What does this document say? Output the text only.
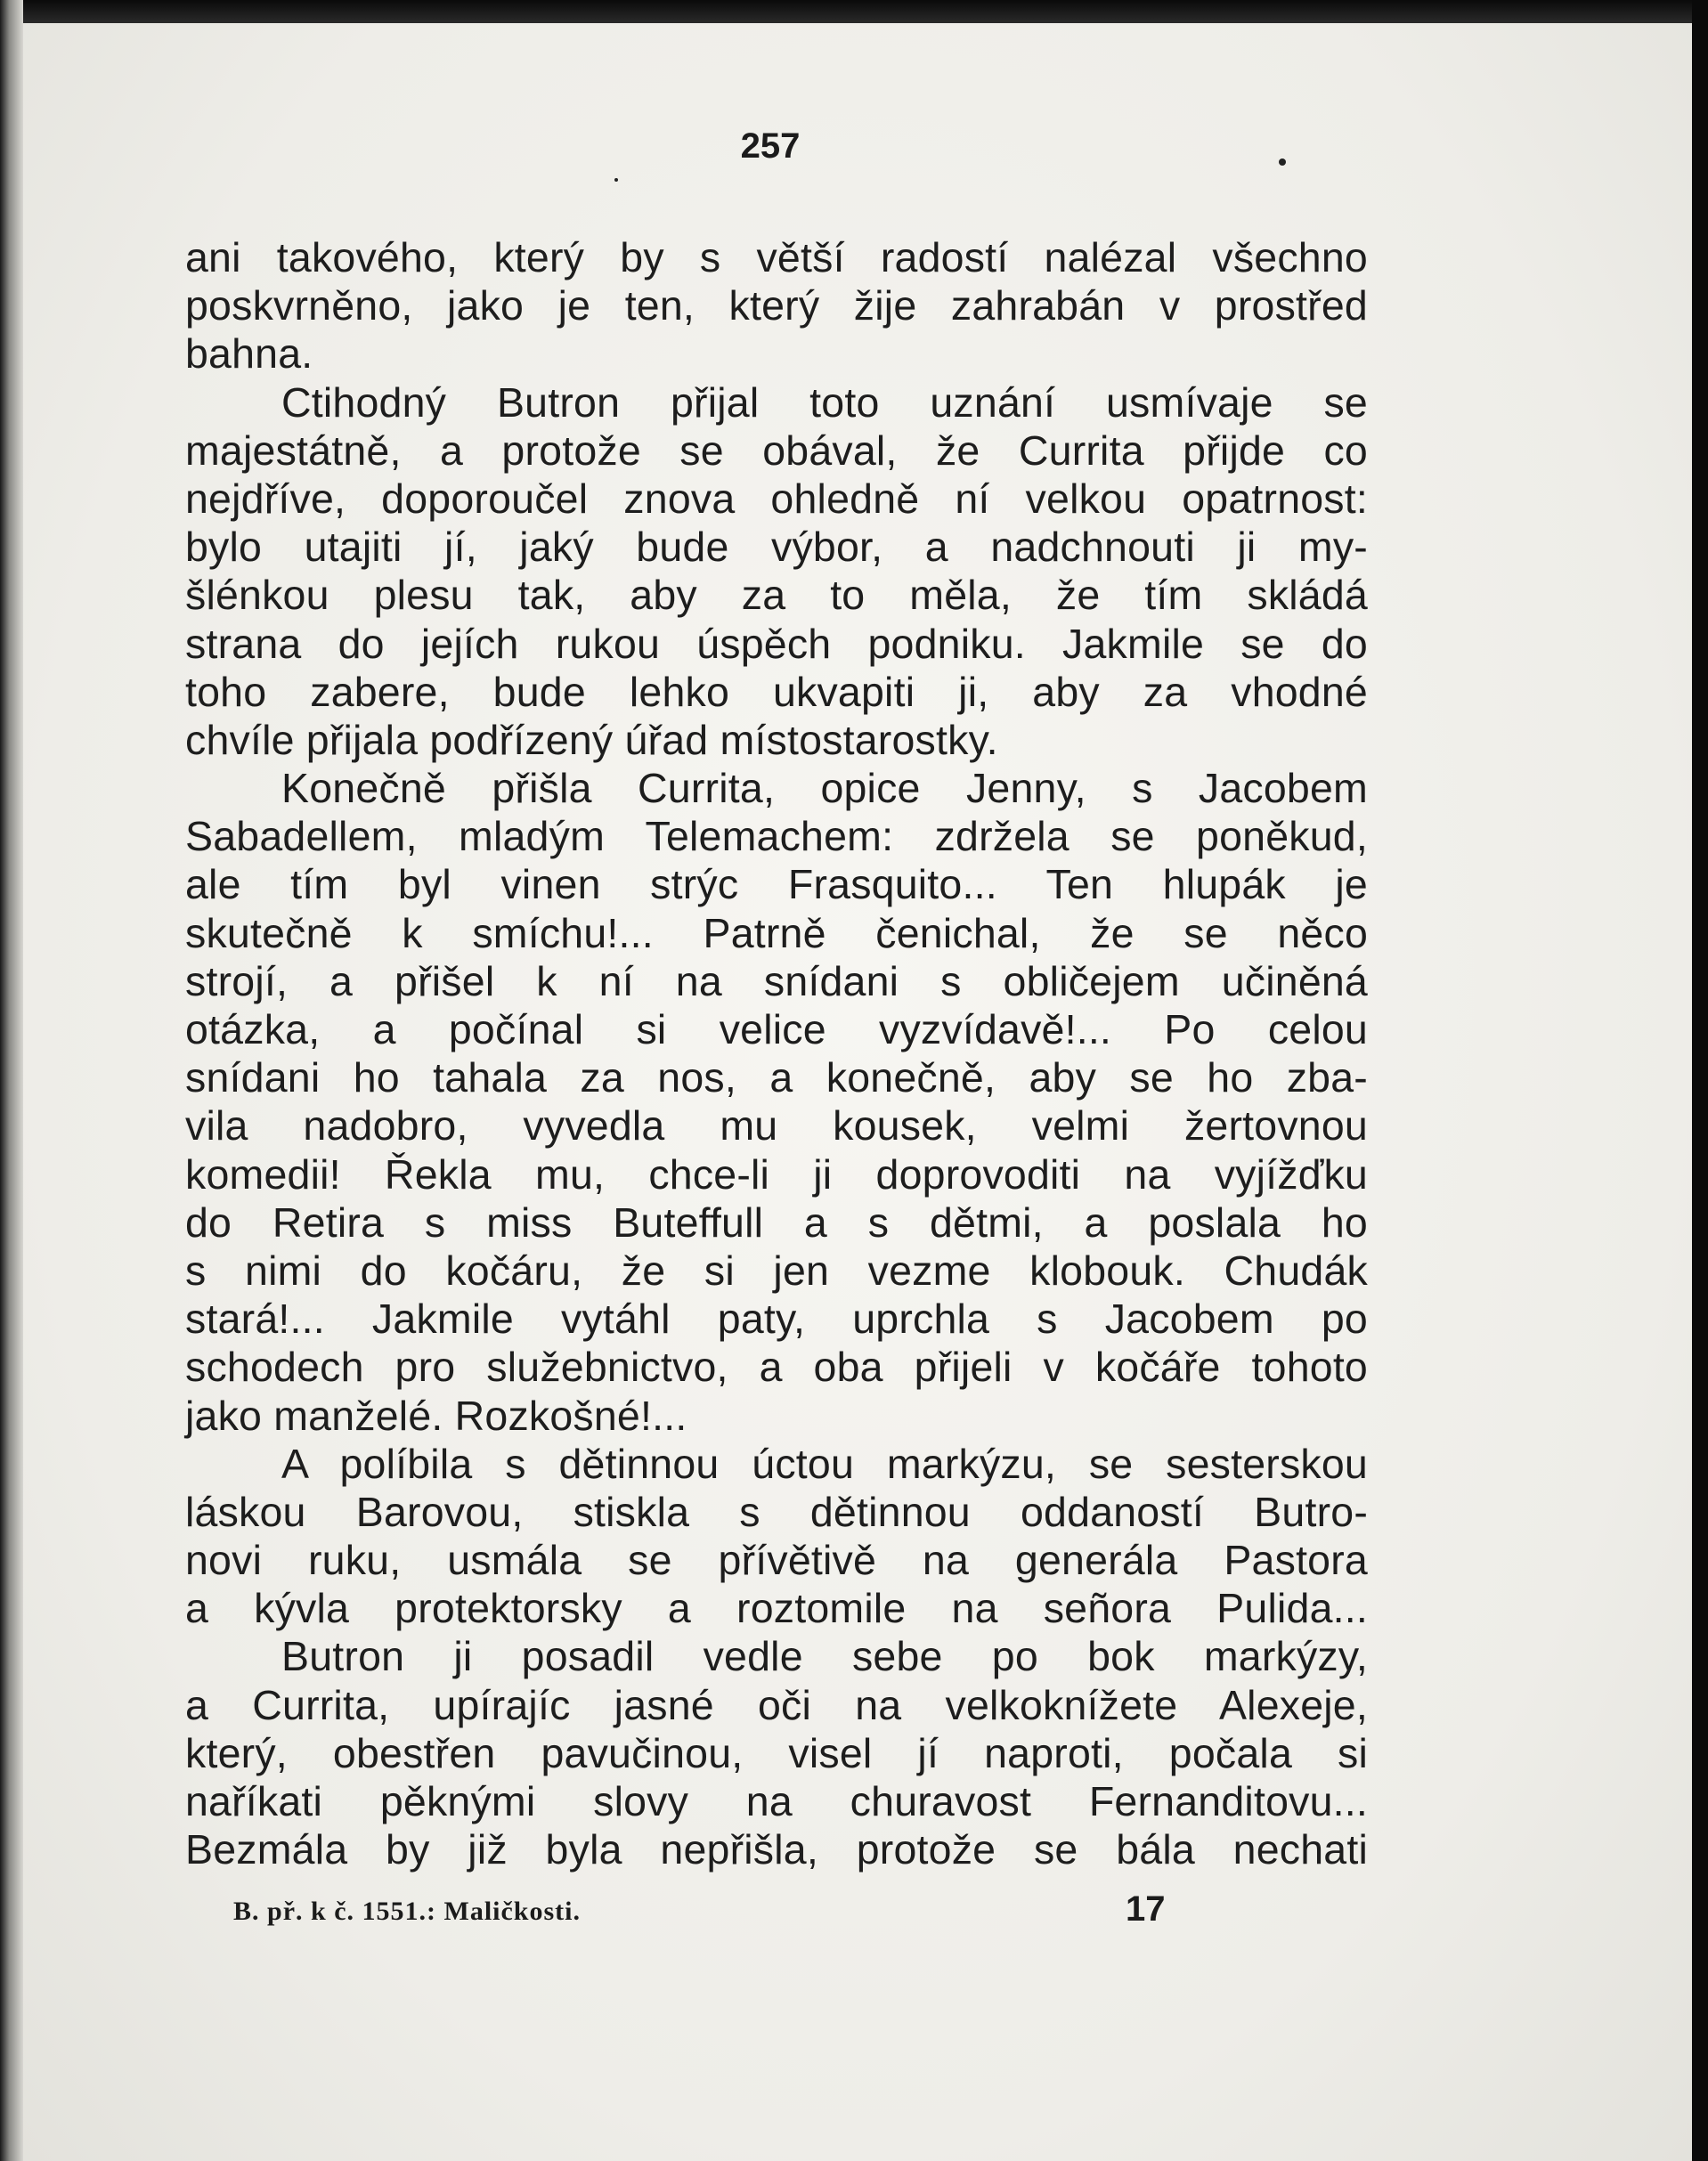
257
ani takového, který by s větší radostí nalézal všechno
poskvrněno, jako je ten, který žije zahrabán v prostřed
bahna.
Ctihodný Butron přijal toto uznání usmívaje se
majestátně, a protože se obával, že Currita přijde co
nejdříve, doporoučel znova ohledně ní velkou opatrnost:
bylo utajiti jí, jaký bude výbor, a nadchnouti ji my-
šlénkou plesu tak, aby za to měla, že tím skládá
strana do jejích rukou úspěch podniku. Jakmile se do
toho zabere, bude lehko ukvapiti ji, aby za vhodné
chvíle přijala podřízený úřad místostarostky.
Konečně přišla Currita, opice Jenny, s Jacobem
Sabadellem, mladým Telemachem: zdržela se poněkud,
ale tím byl vinen strýc Frasquito... Ten hlupák je
skutečně k smíchu!... Patrně čenichal, že se něco
strojí, a přišel k ní na snídani s obličejem učiněná
otázka, a počínal si velice vyzvídavě!... Po celou
snídani ho tahala za nos, a konečně, aby se ho zba-
vila nadobro, vyvedla mu kousek, velmi žertovnou
komedii! Řekla mu, chce-li ji doprovoditi na vyjížďku
do Retira s miss Buteffull a s dětmi, a poslala ho
s nimi do kočáru, že si jen vezme klobouk. Chudák
stará!... Jakmile vytáhl paty, uprchla s Jacobem po
schodech pro služebnictvo, a oba přijeli v kočáře tohoto
jako manželé. Rozkošné!...
A políbila s dětinnou úctou markýzu, se sesterskou
láskou Barovou, stiskla s dětinnou oddaností Butro-
novi ruku, usmála se přívětivě na generála Pastora
a kývla protektorsky a roztomile na señora Pulida...
Butron ji posadil vedle sebe po bok markýzy,
a Currita, upírajíc jasné oči na velkoknížete Alexeje,
který, obestřen pavučinou, visel jí naproti, počala si
naříkati pěknými slovy na churavost Fernanditovu...
Bezmála by již byla nepřišla, protože se bála nechati
B. př. k č. 1551.: Maličkosti.	17
